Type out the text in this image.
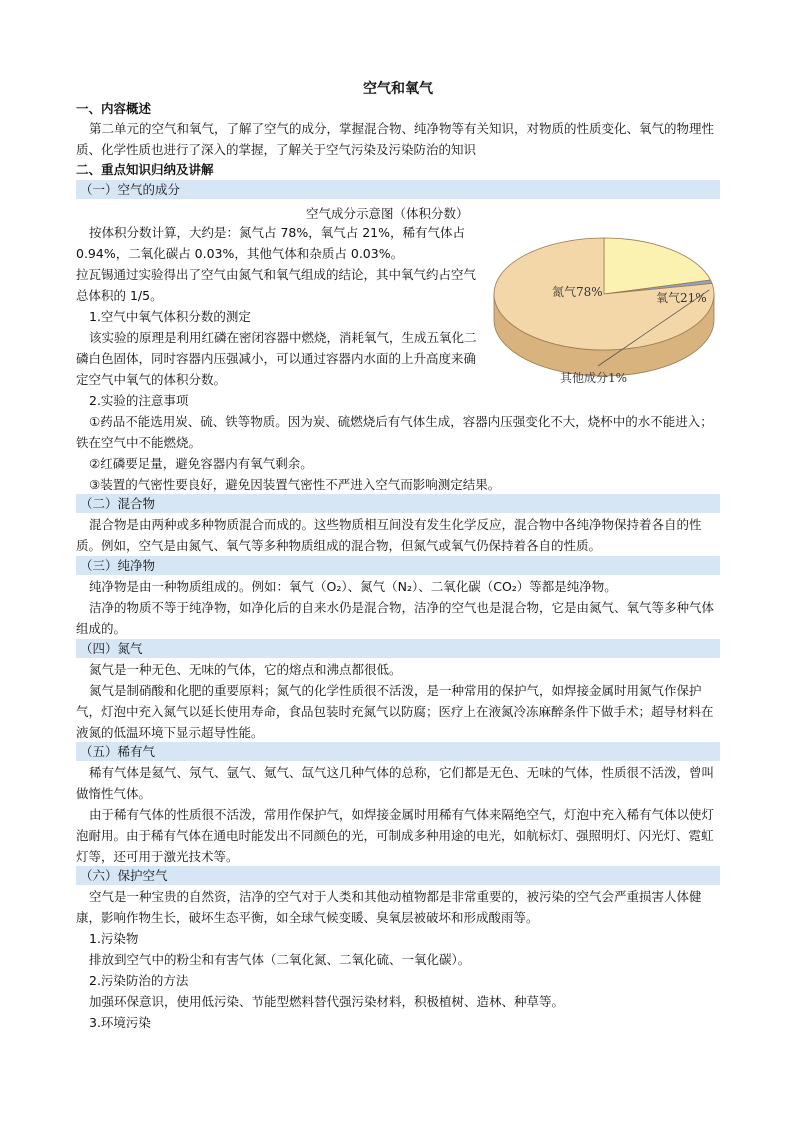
空气和氧气
一、内容概述
第二单元的空气和氧气，了解了空气的成分，掌握混合物、纯净物等有关知识，对物质的性质变化、氧气的物理性质、化学性质也进行了深入的掌握，了解关于空气污染及污染防治的知识
二、重点知识归纳及讲解
（一）空气的成分
空气成分示意图（体积分数）
按体积分数计算，大约是：氮气占 78%，氧气占 21%，稀有气体占 0.94%，二氧化碳占 0.03%，其他气体和杂质占 0.03%。
拉瓦锡通过实验得出了空气由氮气和氧气组成的结论，其中氧气约占空气总体积的 1/5。
1.空气中氧气体积分数的测定
该实验的原理是利用红磷在密闭容器中燃烧，消耗氧气，生成五氧化二磷白色固体，同时容器内压强减小，可以通过容器内水面的上升高度来确定空气中氧气的体积分数。
2.实验的注意事项
①药品不能选用炭、硫、铁等物质。因为炭、硫燃烧后有气体生成，容器内压强变化不大，烧杯中的水不能进入；铁在空气中不能燃烧。
②红磷要足量，避免容器内有氧气剩余。
③装置的气密性要良好，避免因装置气密性不严进入空气而影响测定结果。
（二）混合物
混合物是由两种或多种物质混合而成的。这些物质相互间没有发生化学反应，混合物中各纯净物保持着各自的性质。例如，空气是由氮气、氧气等多种物质组成的混合物，但氮气或氧气仍保持着各自的性质。
（三）纯净物
纯净物是由一种物质组成的。例如：氧气（O₂）、氮气（N₂）、二氧化碳（CO₂）等都是纯净物。
洁净的物质不等于纯净物，如净化后的自来水仍是混合物，洁净的空气也是混合物，它是由氮气、氧气等多种气体组成的。
（四）氮气
氮气是一种无色、无味的气体，它的熔点和沸点都很低。
氮气是制硝酸和化肥的重要原料；氮气的化学性质很不活泼，是一种常用的保护气，如焊接金属时用氮气作保护气，灯泡中充入氮气以延长使用寿命，食品包装时充氮气以防腐；医疗上在液氮冷冻麻醉条件下做手术；超导材料在液氮的低温环境下显示超导性能。
（五）稀有气
稀有气体是氦气、氖气、氩气、氪气、氙气这几种气体的总称，它们都是无色、无味的气体，性质很不活泼，曾叫做惰性气体。
由于稀有气体的性质很不活泼，常用作保护气，如焊接金属时用稀有气体来隔绝空气，灯泡中充入稀有气体以使灯泡耐用。由于稀有气体在通电时能发出不同颜色的光，可制成多种用途的电光，如航标灯、强照明灯、闪光灯、霓虹灯等，还可用于激光技术等。
（六）保护空气
空气是一种宝贵的自然资，洁净的空气对于人类和其他动植物都是非常重要的，被污染的空气会严重损害人体健康，影响作物生长，破坏生态平衡，如全球气候变暖、臭氧层被破坏和形成酸雨等。
1.污染物
排放到空气中的粉尘和有害气体（二氧化氮、二氧化硫、一氧化碳）。
2.污染防治的方法
加强环保意识，使用低污染、节能型燃料替代强污染材料，积极植树、造林、种草等。
3.环境污染
氮气78%	氧气21%
其他成分1%
